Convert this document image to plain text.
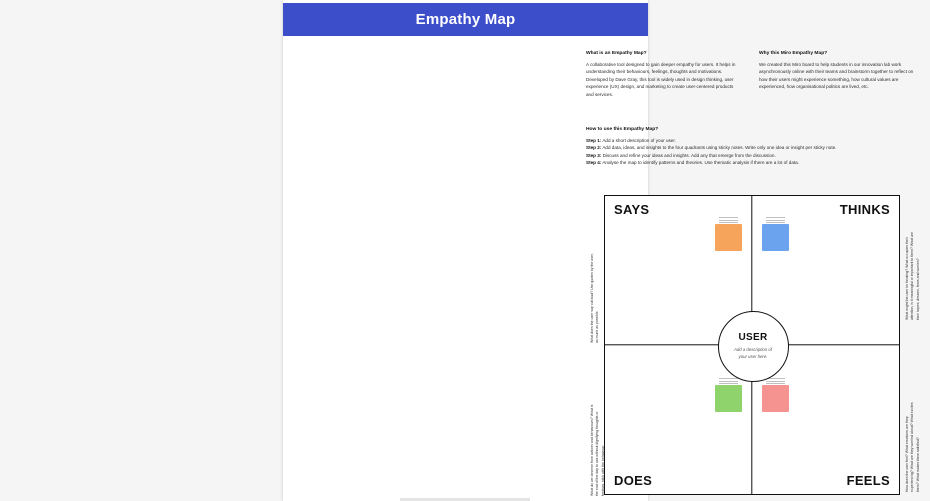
Empathy Map
What is an Empathy Map?
A collaborative tool designed to gain deeper empathy for users. It helps in understanding their behaviours, feelings, thoughts and motivations. Developed by Dave Gray, this tool is widely used in design thinking, user experience (UX) design, and marketing to create user-centered products and services.
Why this Miro Empathy Map?
We created this Miro board to help students in our innovation lab work asynchronously online with their teams and brainstorm together to reflect on how their users might experience something, how cultural values are experienced, how organisational politics are lived, etc.
How to use this Empathy Map?
Step 1: Add a short description of your user.
Step 2: Add data, ideas, and insights to the four quadrants using sticky notes. Write only one idea or insight per sticky note.
Step 3: Discuss and refine your ideas and insights. Add any that emerge from the discussion.
Step 4: Analyse the map to identify patterns and theories. Use thematic analysis if there are a lot of data.
SAYS	THINKS
DOES	FEELS
USER
Add a description of your user here.
What does the user say out loud? Use quotes by the user, as much as possible.
What do we observe from actions and behaviours? What is the end of the day to ask without dignifying thoughts or feelings, stick with the behaviour.
What might the user be thinking? What occupies their attention, is it meaningful or important to them? What are their hopes, dreams, fears and worries?
How does the user feel? What emotions are they experiencing? What are they worried about? What excites them? What makes them satisfied?
